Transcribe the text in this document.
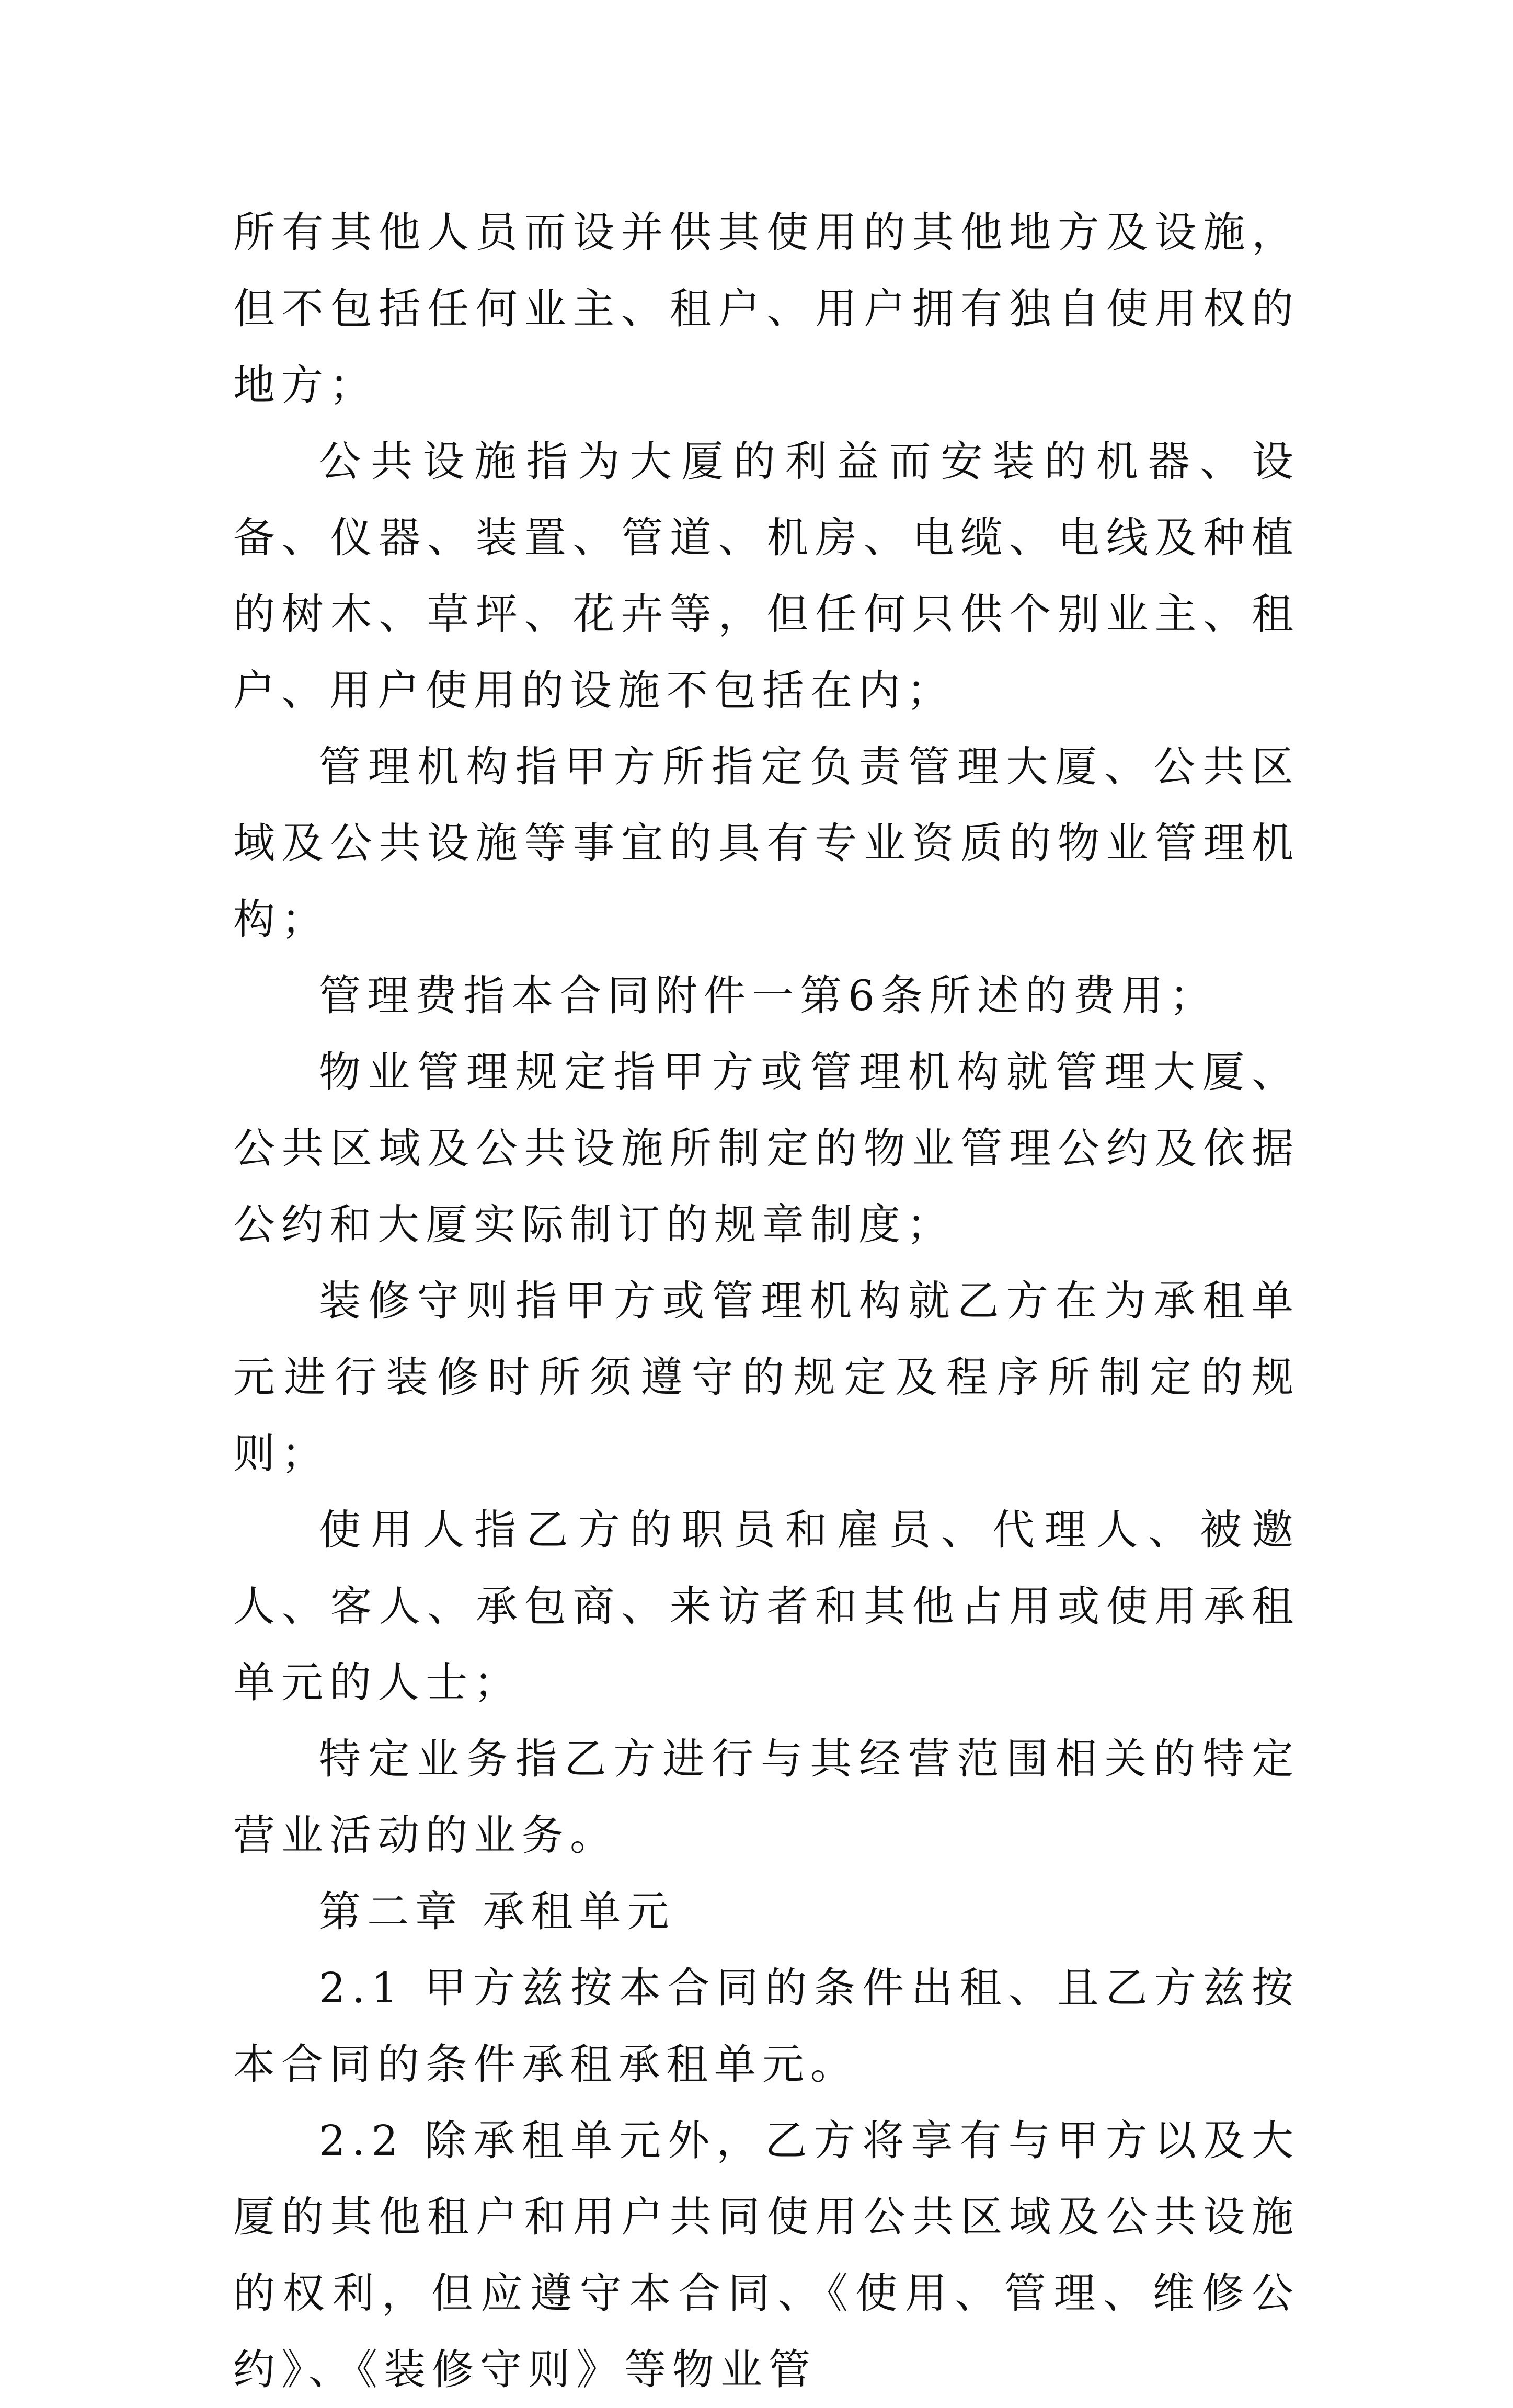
所有其他人员而设并供其使用的其他地方及设施，但不包括任何业主、租户、用户拥有独自使用权的地方；

公共设施指为大厦的利益而安装的机器、设备、仪器、装置、管道、机房、电缆、电线及种植的树木、草坪、花卉等，但任何只供个别业主、租户、用户使用的设施不包括在内；

管理机构指甲方所指定负责管理大厦、公共区域及公共设施等事宜的具有专业资质的物业管理机构；

管理费指本合同附件一第6条所述的费用；

物业管理规定指甲方或管理机构就管理大厦、公共区域及公共设施所制定的物业管理公约及依据公约和大厦实际制订的规章制度；

装修守则指甲方或管理机构就乙方在为承租单元进行装修时所须遵守的规定及程序所制定的规则；

使用人指乙方的职员和雇员、代理人、被邀人、客人、承包商、来访者和其他占用或使用承租单元的人士；

特定业务指乙方进行与其经营范围相关的特定营业活动的业务。

第二章 承租单元

2.1 甲方兹按本合同的条件出租、且乙方兹按本合同的条件承租承租单元。

2.2 除承租单元外，乙方将享有与甲方以及大厦的其他租户和用户共同使用公共区域及公共设施的权利，但应遵守本合同、《使用、管理、维修公约》、《装修守则》等物业管
